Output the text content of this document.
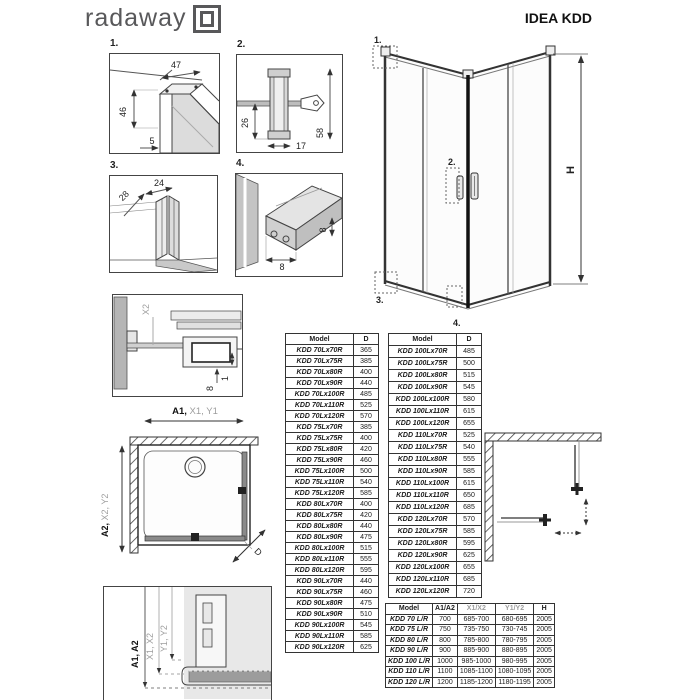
radaway	IDEA KDD
1.
47
46
5
2.
26
17
58
3.
24
28
4.
8
8
1.
2.
3.
4.
H
X2
8
1
A1, X1, Y1
D
A2, X2, Y2
A1, A2 X1, X2 Y1, Y2
Model	D
KDD 70Lx70R	365
KDD 70Lx75R	385
KDD 70Lx80R	400
KDD 70Lx90R	440
KDD 70Lx100R	485
KDD 70Lx110R	525
KDD 70Lx120R	570
KDD 75Lx70R	385
KDD 75Lx75R	400
KDD 75Lx80R	420
KDD 75Lx90R	460
KDD 75Lx100R	500
KDD 75Lx110R	540
KDD 75Lx120R	585
KDD 80Lx70R	400
KDD 80Lx75R	420
KDD 80Lx80R	440
KDD 80Lx90R	475
KDD 80Lx100R	515
KDD 80Lx110R	555
KDD 80Lx120R	595
KDD 90Lx70R	440
KDD 90Lx75R	460
KDD 90Lx80R	475
KDD 90Lx90R	510
KDD 90Lx100R	545
KDD 90Lx110R	585
KDD 90Lx120R	625
Model	D
KDD 100Lx70R	485
KDD 100Lx75R	500
KDD 100Lx80R	515
KDD 100Lx90R	545
KDD 100Lx100R	580
KDD 100Lx110R	615
KDD 100Lx120R	655
KDD 110Lx70R	525
KDD 110Lx75R	540
KDD 110Lx80R	555
KDD 110Lx90R	585
KDD 110Lx100R	615
KDD 110Lx110R	650
KDD 110Lx120R	685
KDD 120Lx70R	570
KDD 120Lx75R	585
KDD 120Lx80R	595
KDD 120Lx90R	625
KDD 120Lx100R	655
KDD 120Lx110R	685
KDD 120Lx120R	720
Model	A1/A2	X1/X2	Y1/Y2	H
KDD 70 L/R	700	685-700	680-695	2005
KDD 75 L/R	750	735-750	730-745	2005
KDD 80 L/R	800	785-800	780-795	2005
KDD 90 L/R	900	885-900	880-895	2005
KDD 100 L/R	1000	985-1000	980-995	2005
KDD 110 L/R	1100	1085-1100	1080-1095	2005
KDD 120 L/R	1200	1185-1200	1180-1195	2005
